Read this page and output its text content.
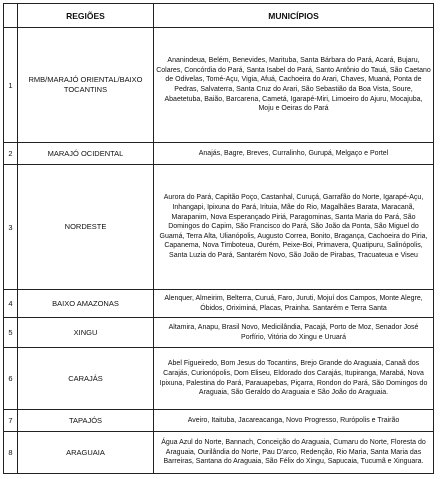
	REGIÕES	MUNICÍPIOS
1	RMB/MARAJÓ ORIENTAL/BAIXO TOCANTINS	Ananindeua, Belém, Benevides, Marituba, Santa Bárbara do Pará, Acará, Bujaru, Colares, Concórdia do Pará, Santa Isabel do Pará, Santo Antônio do Tauá, São Caetano de Odivelas, Tomé-Açu, Vigia, Afuá, Cachoeira do Arari, Chaves, Muaná, Ponta de Pedras, Salvaterra, Santa Cruz do Arari, São Sebastião da Boa Vista, Soure, Abaetetuba, Baião, Barcarena, Cametá, Igarapé-Miri, Limoeiro do Ajuru, Mocajuba, Moju e Oeiras do Pará
2	MARAJÓ OCIDENTAL	Anajás, Bagre, Breves, Curralinho, Gurupá, Melgaço e Portel
3	NORDESTE	Aurora do Pará, Capitão Poço, Castanhal, Curuçá, Garrafão do Norte, Igarapé-Açu, Inhangapi, Ipixuna do Pará, Irituia, Mãe do Rio, Magalhães Barata, Maracanã, Marapanim, Nova Esperançado Piriá, Paragominas, Santa Maria do Pará, São Domingos do Capim, São Francisco do Pará, São João da Ponta, São Miguel do Guamá, Terra Alta, Ulianópolis, Augusto Correa, Bonito, Bragança, Cachoeira do Piria, Capanema, Nova Timboteua, Ourém, Peixe-Boi, Primavera, Quatipuru, Salinópolis, Santa Luzia do Pará, Santarém Novo, São João de Pirabas, Tracuateua e Viseu
4	BAIXO AMAZONAS	Alenquer, Almeirim, Belterra, Curuá, Faro, Juruti, Mojuí dos Campos, Monte Alegre, Óbidos, Oriximiná, Placas, Prainha. Santarém e Terra Santa
5	XINGU	Altamira, Anapu, Brasil Novo, Medicilândia, Pacajá, Porto de Moz, Senador José Porfírio, Vitória do Xingu e Uruará
6	CARAJÁS	Abel Figueiredo, Bom Jesus do Tocantins, Brejo Grande do Araguaia, Canaã dos Carajás, Curionópolis, Dom Eliseu, Eldorado dos Carajás, Itupiranga, Marabá, Nova Ipixuna, Palestina do Pará, Parauapebas, Piçarra, Rondon do Pará, São Domingos do Araguaia, São Geraldo do Araguaia e São João do Araguaia.
7	TAPAJÓS	Aveiro, Itaituba, Jacareacanga, Novo Progresso, Rurópolis e Trairão
8	ARAGUAIA	Água Azul do Norte, Bannach, Conceição do Araguaia, Cumaru do Norte, Floresta do Araguaia, Ourilândia do Norte, Pau D'arco, Redenção, Rio Maria, Santa Maria das Barreiras, Santana do Araguaia, São Félix do Xingu, Sapucaia, Tucumã e Xinguara.
